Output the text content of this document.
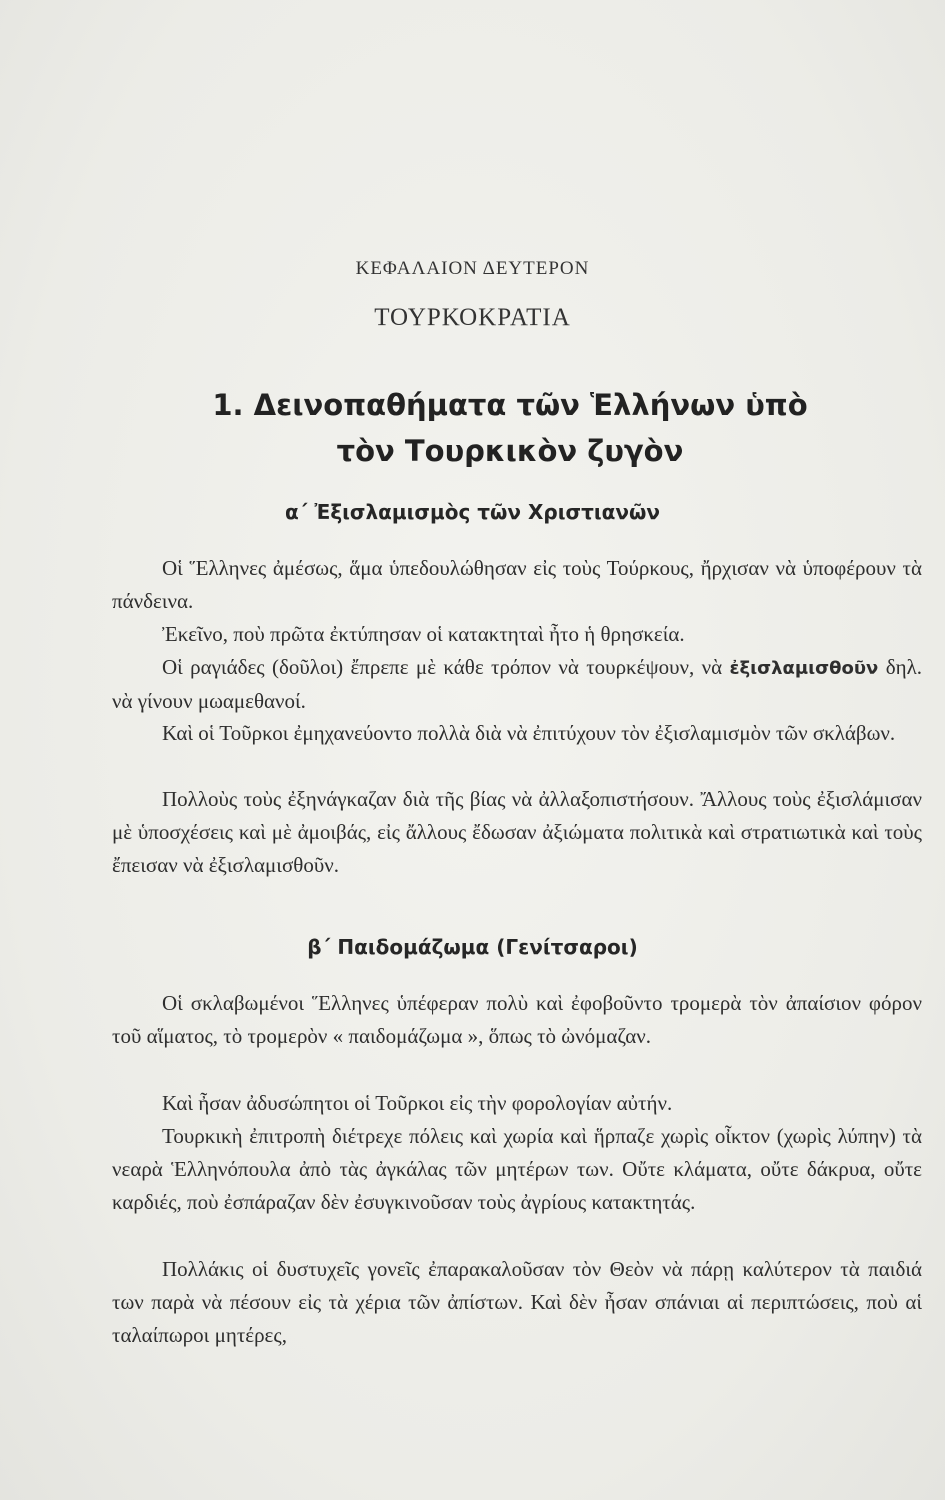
ΚΕΦΑΛΑΙΟΝ ΔΕΥΤΕΡΟΝ
ΤΟΥΡΚΟΚΡΑΤΙΑ
1. Δεινοπαθήματα τῶν Ἑλλήνων ὑπὸ
τὸν Τουρκικὸν ζυγὸν
α΄ Ἐξισλαμισμὸς τῶν Χριστιανῶν

Οἱ Ἕλληνες ἀμέσως, ἅμα ὑπεδουλώθησαν εἰς τοὺς Τούρκους, ἤρχισαν νὰ ὑποφέρουν τὰ πάνδεινα.

Ἐκεῖνο, ποὺ πρῶτα ἐκτύπησαν οἱ κατακτηταὶ ἦτο ἡ θρησκεία.

Οἱ ραγιάδες (δοῦλοι) ἔπρεπε μὲ κάθε τρόπον νὰ τουρκέψουν, νὰ ἐξισλαμισθοῦν δηλ. νὰ γίνουν μωαμεθανοί.

Καὶ οἱ Τοῦρκοι ἐμηχανεύοντο πολλὰ διὰ νὰ ἐπιτύχουν τὸν ἐξισλαμισμὸν τῶν σκλάβων.

Πολλοὺς τοὺς ἐξηνάγκαζαν διὰ τῆς βίας νὰ ἀλλαξοπιστήσουν. Ἄλλους τοὺς ἐξισλάμισαν μὲ ὑποσχέσεις καὶ μὲ ἀμοιβάς, εἰς ἄλλους ἔδωσαν ἀξιώματα πολιτικὰ καὶ στρατιωτικὰ καὶ τοὺς ἔπεισαν νὰ ἐξισλαμισθοῦν.

β΄ Παιδομάζωμα (Γενίτσαροι)

Οἱ σκλαβωμένοι Ἕλληνες ὑπέφεραν πολὺ καὶ ἐφοβοῦντο τρομερὰ τὸν ἀπαίσιον φόρον τοῦ αἵματος, τὸ τρομερὸν « παιδομάζωμα », ὅπως τὸ ὠνόμαζαν.

Καὶ ἦσαν ἀδυσώπητοι οἱ Τοῦρκοι εἰς τὴν φορολογίαν αὐτήν.

Τουρκικὴ ἐπιτροπὴ διέτρεχε πόλεις καὶ χωρία καὶ ἥρπαζε χωρὶς οἶκτον (χωρὶς λύπην) τὰ νεαρὰ Ἑλληνόπουλα ἀπὸ τὰς ἀγκάλας τῶν μητέρων των. Οὔτε κλάματα, οὔτε δάκρυα, οὔτε καρδιές, ποὺ ἐσπάραζαν δὲν ἐσυγκινοῦσαν τοὺς ἀγρίους κατακτητάς.

Πολλάκις οἱ δυστυχεῖς γονεῖς ἐπαρακαλοῦσαν τὸν Θεὸν νὰ πάρῃ καλύτερον τὰ παιδιά των παρὰ νὰ πέσουν εἰς τὰ χέρια τῶν ἀπίστων. Καὶ δὲν ἦσαν σπάνιαι αἱ περιπτώσεις, ποὺ αἱ ταλαίπωροι μητέρες,
